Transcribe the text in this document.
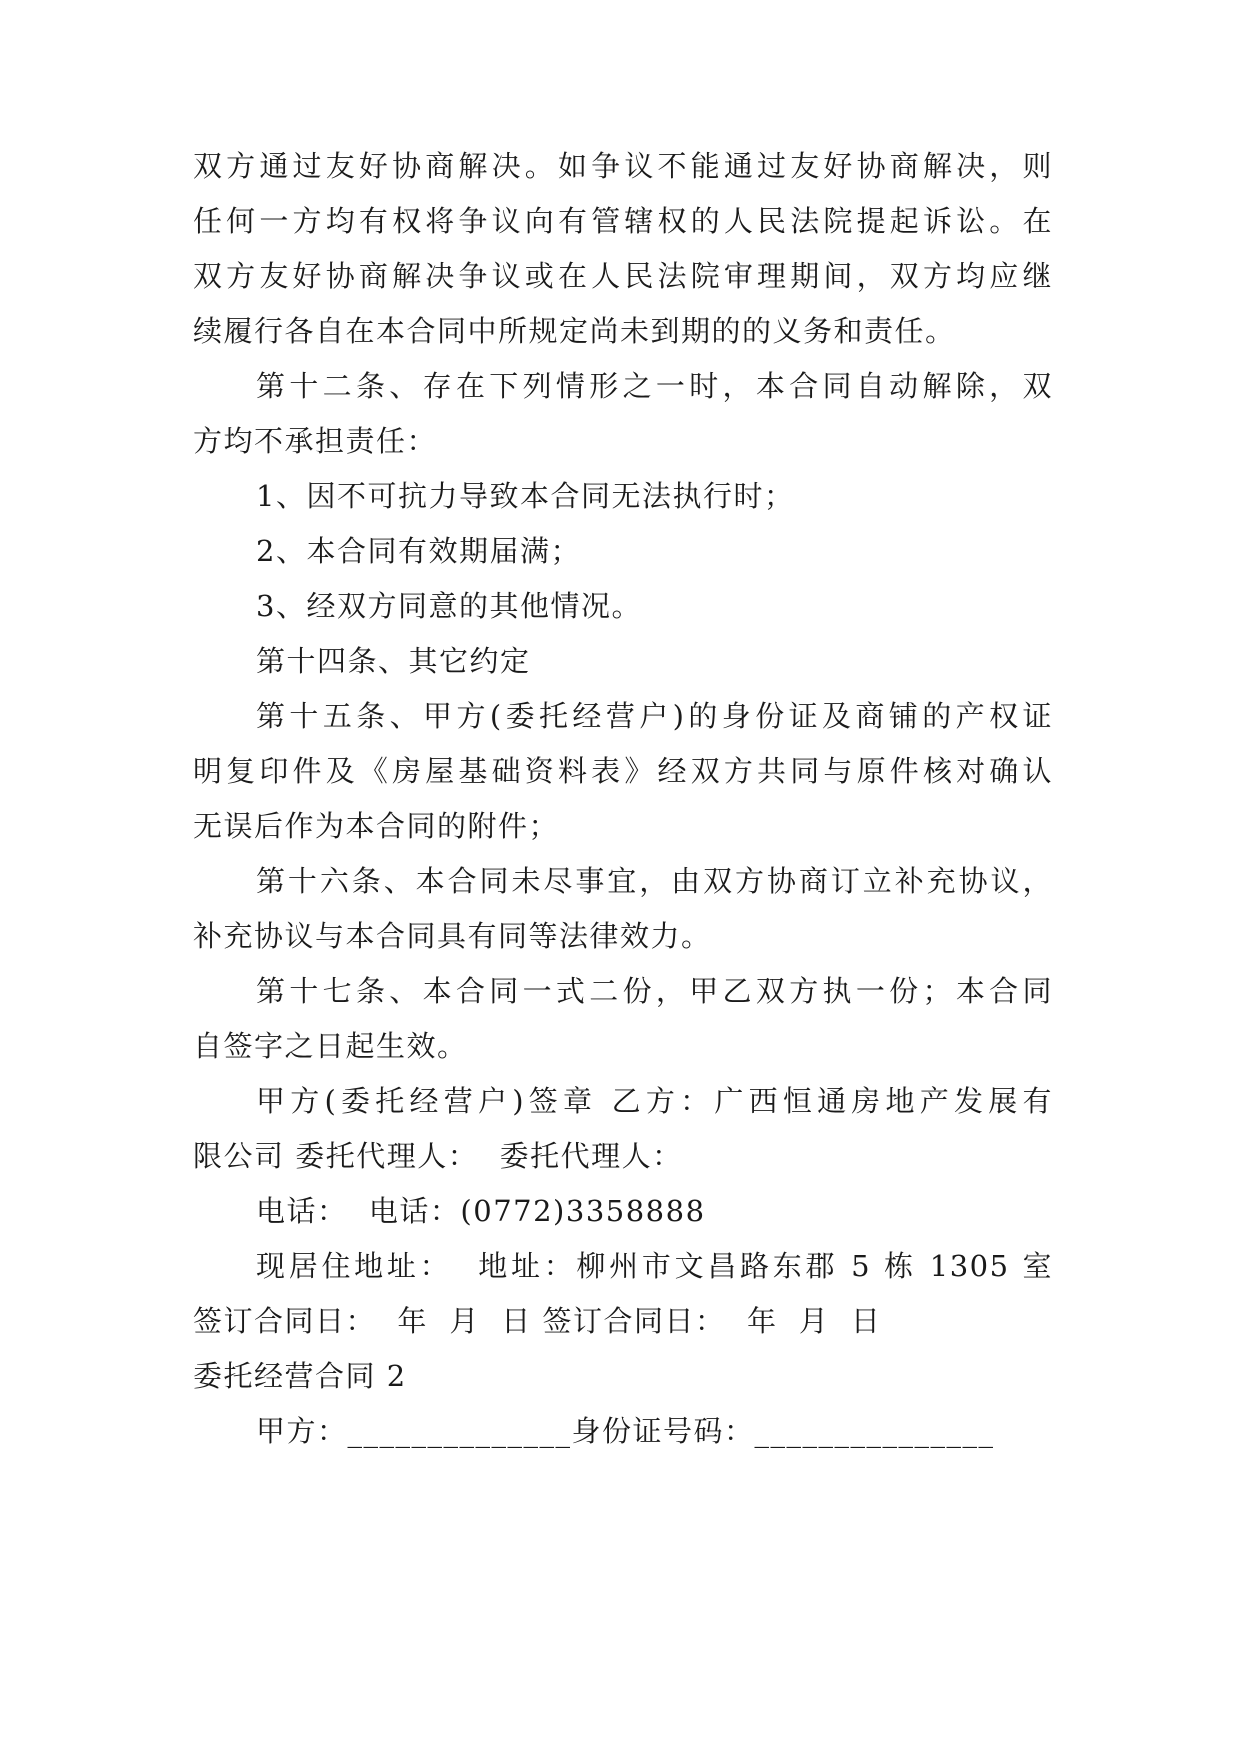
双方通过友好协商解决。如争议不能通过友好协商解决，则
任何一方均有权将争议向有管辖权的人民法院提起诉讼。在
双方友好协商解决争议或在人民法院审理期间，双方均应继
续履行各自在本合同中所规定尚未到期的的义务和责任。
第十二条、存在下列情形之一时，本合同自动解除，双
方均不承担责任：
1、因不可抗力导致本合同无法执行时；
2、本合同有效期届满；
3、经双方同意的其他情况。
第十四条、其它约定
第十五条、甲方(委托经营户)的身份证及商铺的产权证
明复印件及《房屋基础资料表》经双方共同与原件核对确认
无误后作为本合同的附件；
第十六条、本合同未尽事宜，由双方协商订立补充协议，
补充协议与本合同具有同等法律效力。
第十七条、本合同一式二份，甲乙双方执一份；本合同
自签字之日起生效。
甲方(委托经营户)签章 乙方：广西恒通房地产发展有
限公司 委托代理人：  委托代理人：
电话：  电话：(0772)3358888
现居住地址：  地址：柳州市文昌路东郡 5 栋 1305 室
签订合同日：  年  月  日 签订合同日：  年  月  日
委托经营合同 2
甲方：______________身份证号码：_______________
